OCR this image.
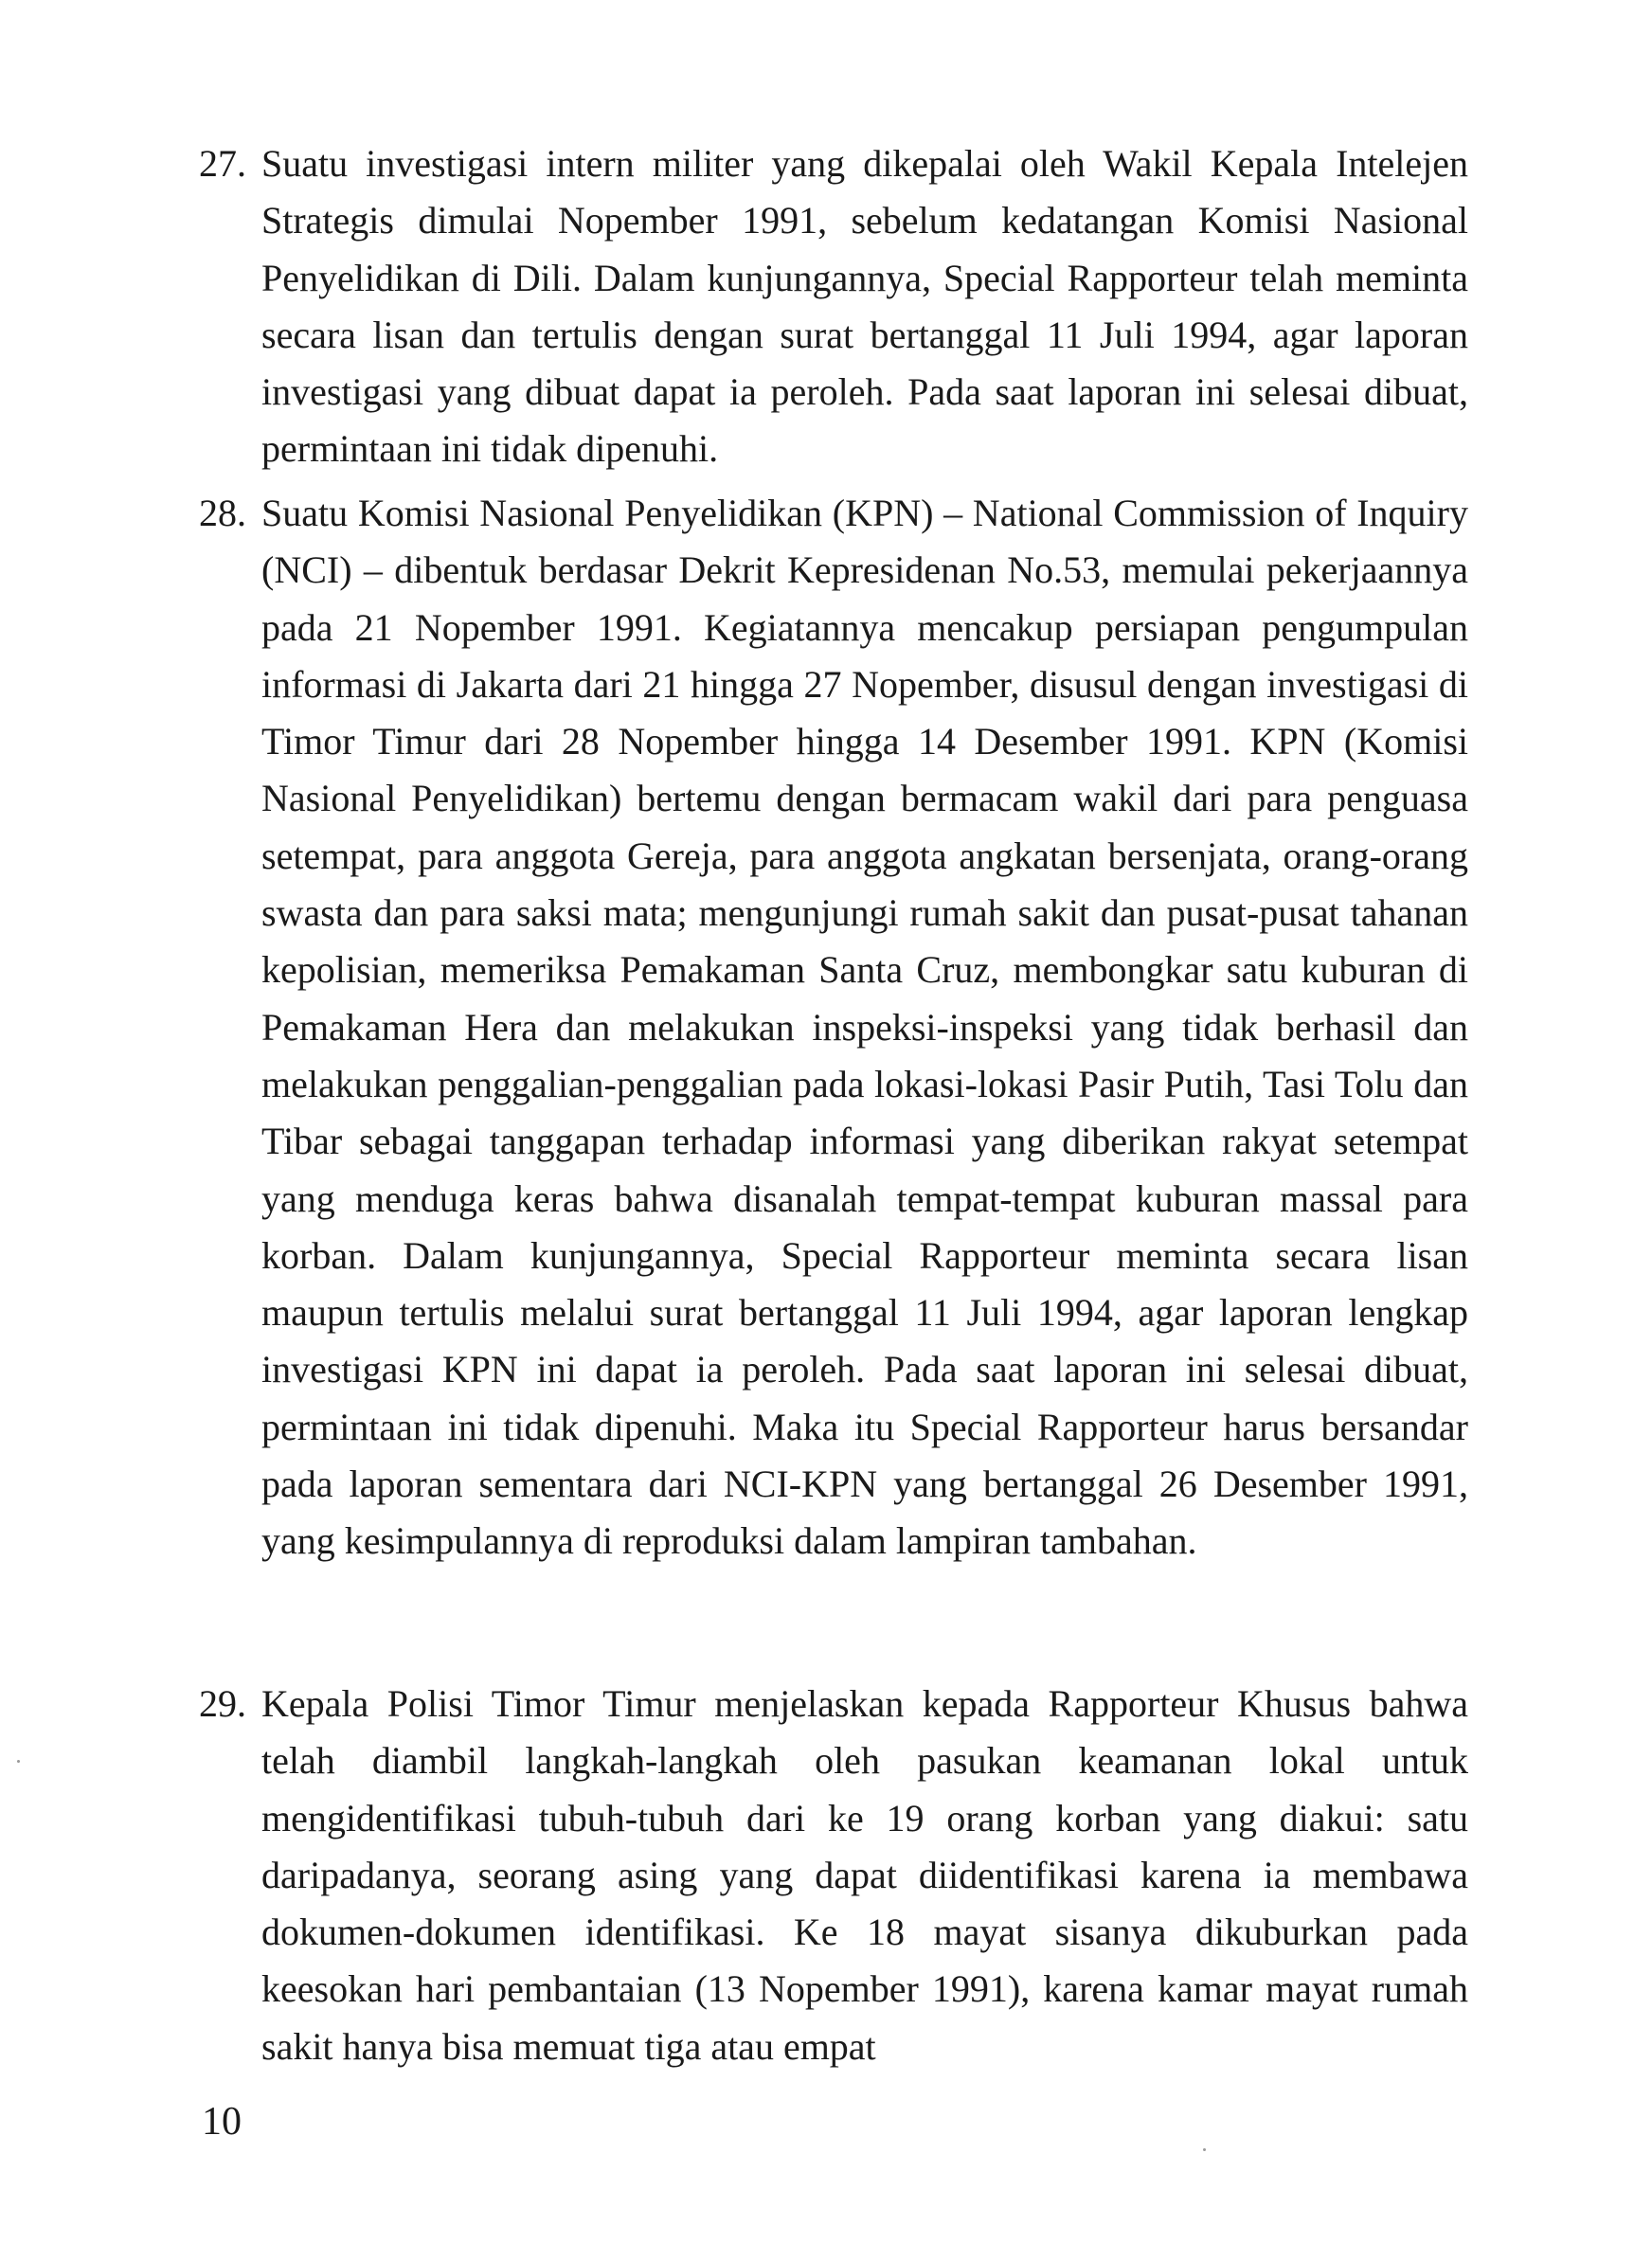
27. Suatu investigasi intern militer yang dikepalai oleh Wakil Kepala Intelejen Strategis dimulai Nopember 1991, sebelum kedatangan Komisi Nasional Penyelidikan di Dili. Dalam kunjungannya, Special Rapporteur telah meminta secara lisan dan tertulis dengan surat bertanggal 11 Juli 1994, agar laporan investigasi yang dibuat dapat ia peroleh. Pada saat laporan ini selesai dibuat, permintaan ini tidak dipenuhi.

28. Suatu Komisi Nasional Penyelidikan (KPN) – National Commission of Inquiry (NCI) – dibentuk berdasar Dekrit Kepresidenan No.53, memulai pekerjaannya pada 21 Nopember 1991. Kegiatannya mencakup persiapan pengumpulan informasi di Jakarta dari 21 hingga 27 Nopember, disusul dengan investigasi di Timor Timur dari 28 Nopember hingga 14 Desember 1991. KPN (Komisi Nasional Penyelidikan) bertemu dengan bermacam wakil dari para penguasa setempat, para anggota Gereja, para anggota angkatan bersenjata, orang-orang swasta dan para saksi mata; mengunjungi rumah sakit dan pusat-pusat tahanan kepolisian, memeriksa Pemakaman Santa Cruz, membongkar satu kuburan di Pemakaman Hera dan melakukan inspeksi-inspeksi yang tidak berhasil dan melakukan penggalian-penggalian pada lokasi-lokasi Pasir Putih, Tasi Tolu dan Tibar sebagai tanggapan terhadap informasi yang diberikan rakyat setempat yang menduga keras bahwa disanalah tempat-tempat kuburan massal para korban. Dalam kunjungannya, Special Rapporteur meminta secara lisan maupun tertulis melalui surat bertanggal 11 Juli 1994, agar laporan lengkap investigasi KPN ini dapat ia peroleh. Pada saat laporan ini selesai dibuat, permintaan ini tidak dipenuhi. Maka itu Special Rapporteur harus bersandar pada laporan sementara dari NCI-KPN yang bertanggal 26 Desember 1991, yang kesimpulannya di reproduksi dalam lampiran tambahan.

29. Kepala Polisi Timor Timur menjelaskan kepada Rapporteur Khusus bahwa telah diambil langkah-langkah oleh pasukan keamanan lokal untuk mengidentifikasi tubuh-tubuh dari ke 19 orang korban yang diakui: satu daripadanya, seorang asing yang dapat diidentifikasi karena ia membawa dokumen-dokumen identifikasi. Ke 18 mayat sisanya dikuburkan pada keesokan hari pembantaian (13 Nopember 1991), karena kamar mayat rumah sakit hanya bisa memuat tiga atau empat

10
